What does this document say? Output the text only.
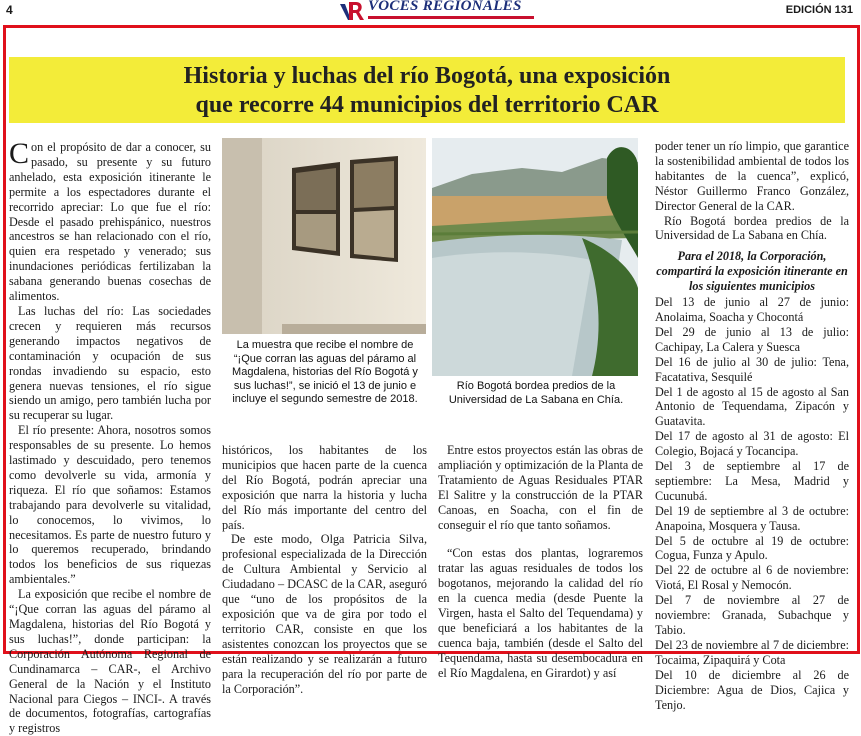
4	VOCES REGIONALES	EDICIÓN 131
Historia y luchas del río Bogotá, una exposición
que recorre 44 municipios del territorio CAR

Con el propósito de dar a conocer, su pasado, su presente y su futuro anhelado, esta exposición itinerante le permite a los espectadores durante el recorrido apreciar: Lo que fue el río: Desde el pasado prehispánico, nuestros ancestros se han relacionado con el río, quien era respetado y venerado; sus inundaciones periódicas fertilizaban la sabana generando buenas cosechas de alimentos.

Las luchas del río: Las sociedades crecen y requieren más recursos generando impactos negativos de contaminación y ocupación de sus rondas invadiendo su espacio, esto genera nuevas tensiones, el río sigue siendo un amigo, pero también lucha por su recuperar su lugar.

El río presente: Ahora, nosotros somos responsables de su presente. Lo hemos lastimado y descuidado, pero tenemos como devolverle su vida, armonía y riqueza. El río que soñamos: Estamos trabajando para devolverle su vitalidad, lo conocemos, lo vivimos, lo necesitamos. Es parte de nuestro futuro y lo queremos recuperado, brindando todos los beneficios de sus riquezas ambientales.”

La exposición que recibe el nombre de “¡Que corran las aguas del páramo al Magdalena, historias del Río Bogotá y sus luchas!”, donde participan: la Corporación Autónoma Regional de Cundinamarca – CAR-, el Archivo General de la Nación y el Instituto Nacional para Ciegos – INCI-. A través de documentos, fotografías, cartografías y registros

La muestra que recibe el nombre de “¡Que corran las aguas del páramo al Magdalena, historias del Río Bogotá y sus luchas!”, se inició el 13 de junio e incluye el segundo semestre de 2018.
Río Bogotá bordea predios de la Universidad de La Sabana en Chía.

históricos, los habitantes de los municipios que hacen parte de la cuenca del Río Bogotá, podrán apreciar una exposición que narra la historia y lucha del Río más importante del centro del país.

De este modo, Olga Patricia Silva, profesional especializada de la Dirección de Cultura Ambiental y Servicio al Ciudadano – DCASC de la CAR, aseguró que “uno de los propósitos de la exposición que va de gira por todo el territorio CAR, consiste en que los asistentes conozcan los proyectos que se están realizando y se realizarán a futuro para la recuperación del río por parte de la Corporación”.

Entre estos proyectos están las obras de ampliación y optimización de la Planta de Tratamiento de Aguas Residuales PTAR El Salitre y la construcción de la PTAR Canoas, en Soacha, con el fin de conseguir el río que tanto soñamos.

“Con estas dos plantas, lograremos tratar las aguas residuales de todos los bogotanos, mejorando la calidad del río en la cuenca media (desde Puente la Virgen, hasta el Salto del Tequendama) y que beneficiará a los habitantes de la cuenca baja, también (desde el Salto del Tequendama, hasta su desembocadura en el Río Magdalena, en Girardot) y así

poder tener un río limpio, que garantice la sostenibilidad ambiental de todos los habitantes de la cuenca”, explicó, Néstor Guillermo Franco González, Director General de la CAR.

Río Bogotá bordea predios de la Universidad de La Sabana en Chía.

Para el 2018, la Corporación, compartirá la exposición itinerante en los siguientes municipios
Del 13 de junio al 27 de junio: Anolaima, Soacha y Chocontá
Del 29 de junio al 13 de julio: Cachipay, La Calera y Suesca
Del 16 de julio al 30 de julio: Tena, Facatativa, Sesquilé
Del 1 de agosto al 15 de agosto al San Antonio de Tequendama, Zipacón y Guatavita.
Del 17 de agosto al 31 de agosto: El Colegio, Bojacá y Tocancipa.
Del 3 de septiembre al 17 de septiembre: La Mesa, Madrid y Cucunubá.
Del 19 de septiembre al 3 de octubre: Anapoina, Mosquera y Tausa.
Del 5 de octubre al 19 de octubre: Cogua, Funza y Apulo.
Del 22 de octubre al 6 de noviembre: Viotá, El Rosal y Nemocón.
Del 7 de noviembre al 27 de noviembre: Granada, Subachque y Tabio.
Del 23 de noviembre al 7 de diciembre: Tocaima, Zipaquirá y Cota
Del 10 de diciembre al 26 de Diciembre: Agua de Dios, Cajica y Tenjo.
